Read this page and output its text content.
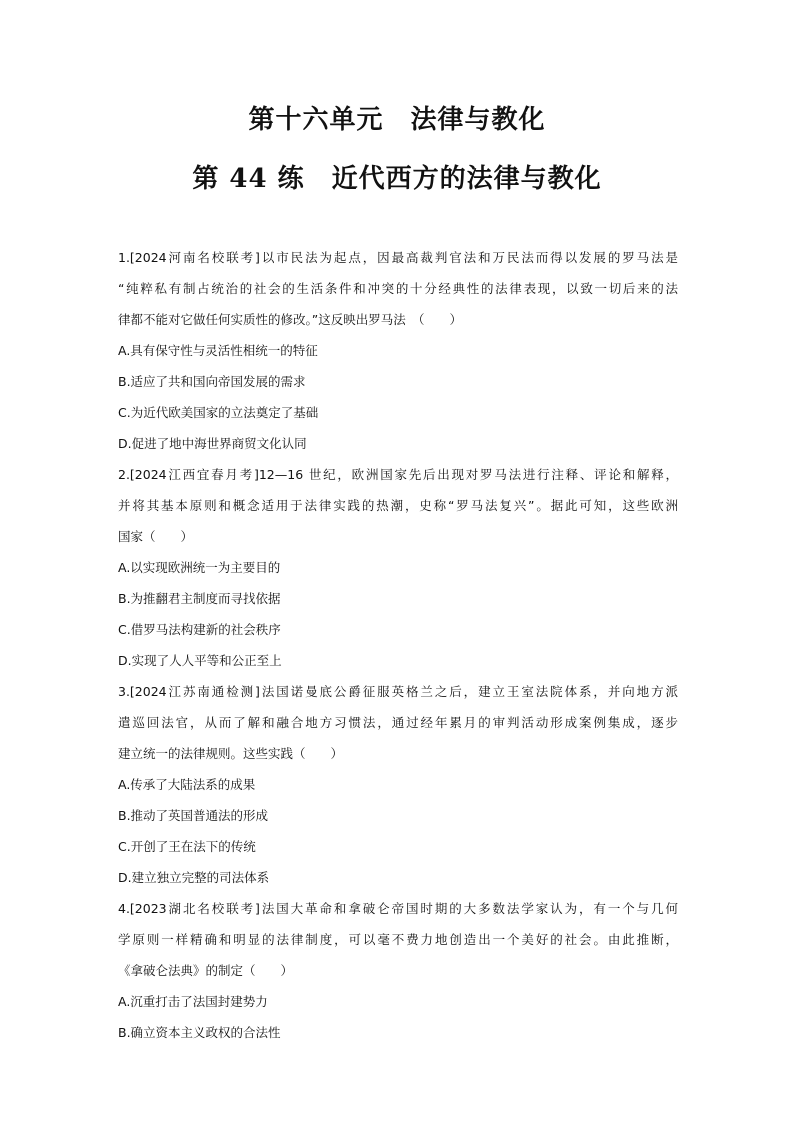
第十六单元　法律与教化
第 44 练　近代西方的法律与教化
1.[2024河南名校联考]以市民法为起点，因最高裁判官法和万民法而得以发展的罗马法是
“纯粹私有制占统治的社会的生活条件和冲突的十分经典性的法律表现，以致一切后来的法
律都不能对它做任何实质性的修改。”这反映出罗马法　（　　）
A.具有保守性与灵活性相统一的特征
B.适应了共和国向帝国发展的需求
C.为近代欧美国家的立法奠定了基础
D.促进了地中海世界商贸文化认同
2.[2024江西宜春月考]12—16 世纪，欧洲国家先后出现对罗马法进行注释、评论和解释，
并将其基本原则和概念适用于法律实践的热潮，史称“罗马法复兴”。据此可知，这些欧洲
国家（　　）
A.以实现欧洲统一为主要目的
B.为推翻君主制度而寻找依据
C.借罗马法构建新的社会秩序
D.实现了人人平等和公正至上
3.[2024江苏南通检测]法国诺曼底公爵征服英格兰之后，建立王室法院体系，并向地方派
遣巡回法官，从而了解和融合地方习惯法，通过经年累月的审判活动形成案例集成，逐步
建立统一的法律规则。这些实践（　　）
A.传承了大陆法系的成果
B.推动了英国普通法的形成
C.开创了王在法下的传统
D.建立独立完整的司法体系
4.[2023湖北名校联考]法国大革命和拿破仑帝国时期的大多数法学家认为，有一个与几何
学原则一样精确和明显的法律制度，可以毫不费力地创造出一个美好的社会。由此推断，
《拿破仑法典》的制定（　　）
A.沉重打击了法国封建势力
B.确立资本主义政权的合法性
